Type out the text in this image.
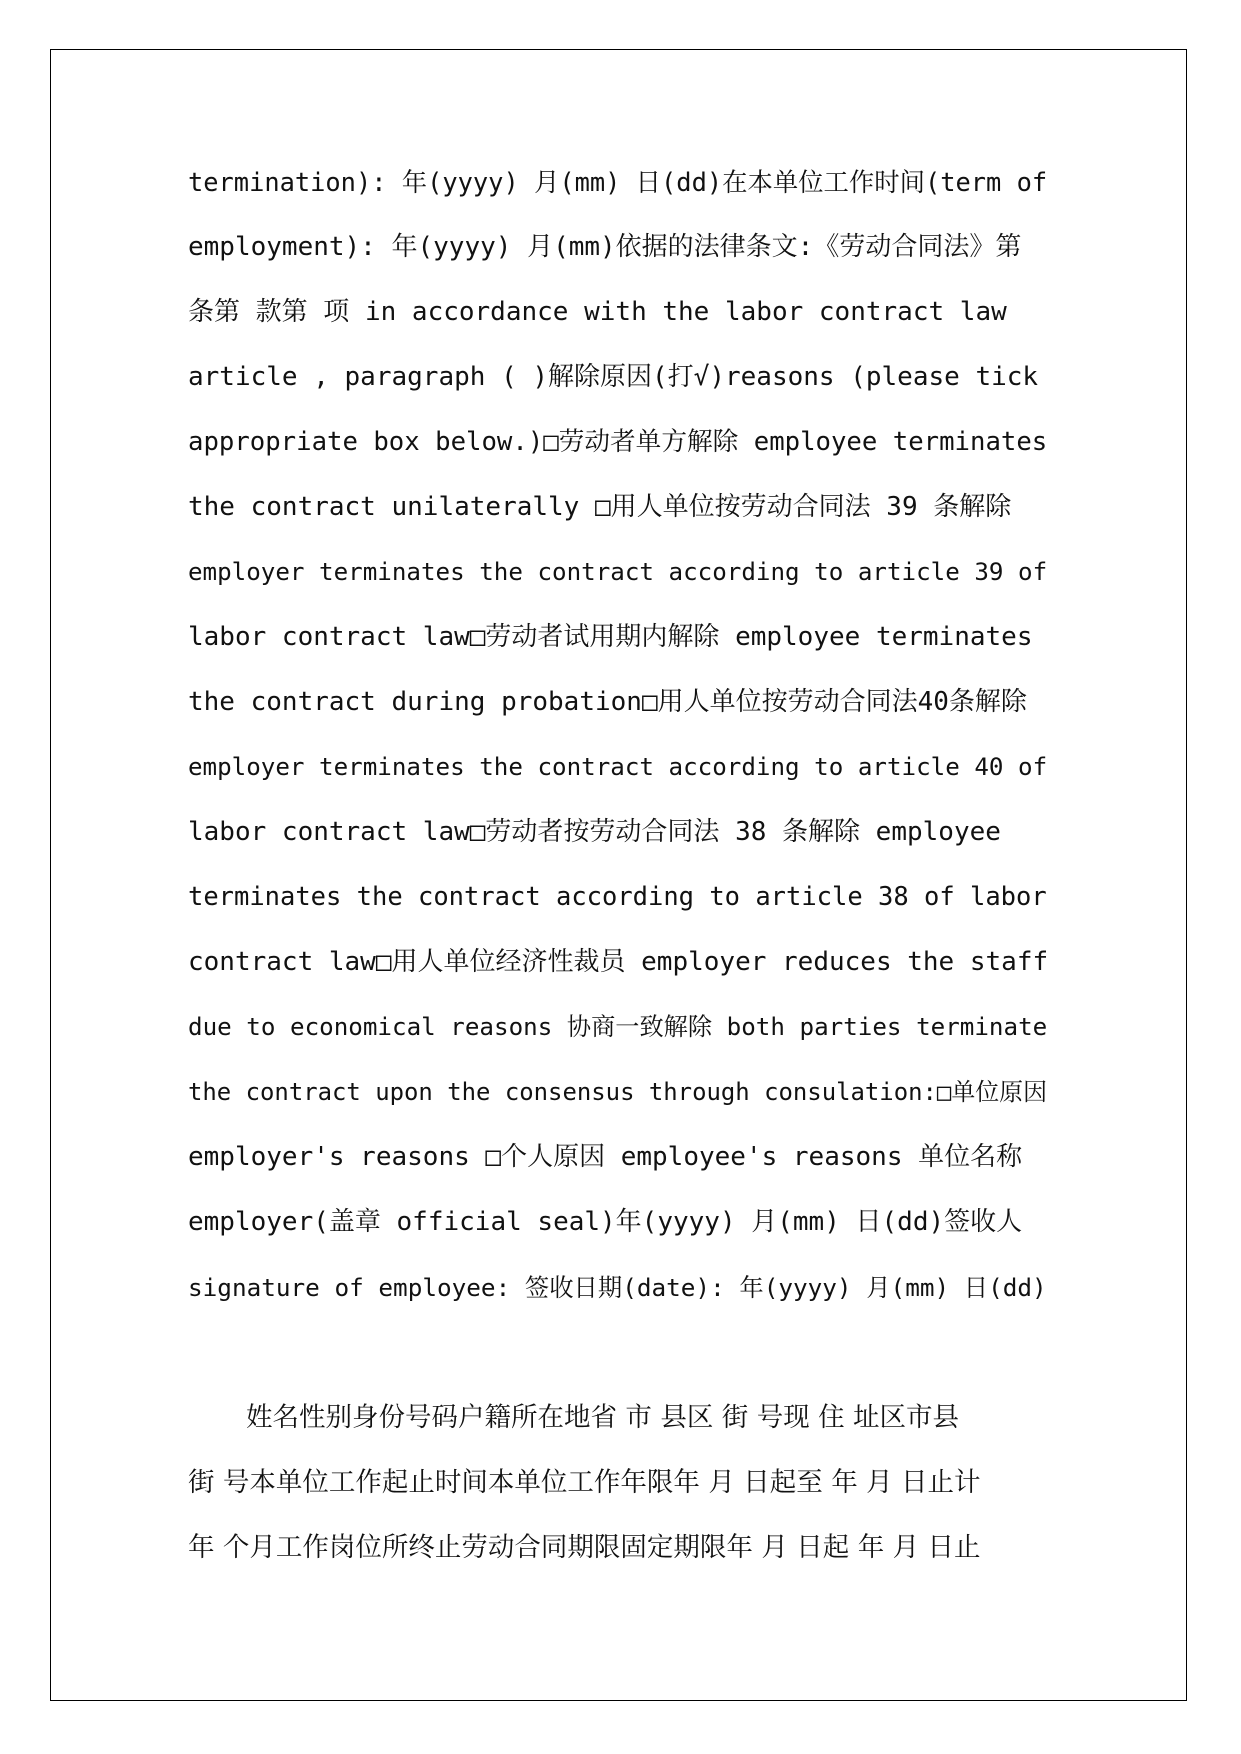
termination): 年(yyyy) 月(mm) 日(dd)在本单位工作时间(term of
employment): 年(yyyy) 月(mm)依据的法律条文:《劳动合同法》第
条第 款第 项 in accordance with the labor contract law
article , paragraph ( )解除原因(打√)reasons (please tick
appropriate box below.)□劳动者单方解除 employee terminates
the contract unilaterally □用人单位按劳动合同法 39 条解除
employer terminates the contract according to article 39 of
labor contract law□劳动者试用期内解除 employee terminates
the contract during probation□用人单位按劳动合同法40条解除
employer terminates the contract according to article 40 of
labor contract law□劳动者按劳动合同法 38 条解除 employee
terminates the contract according to article 38 of labor
contract law□用人单位经济性裁员 employer reduces the staff
due to economical reasons 协商一致解除 both parties terminate
the contract upon the consensus through consulation:□单位原因
employer's reasons □个人原因 employee's reasons 单位名称
employer(盖章 official seal)年(yyyy) 月(mm) 日(dd)签收人
signature of employee: 签收日期(date): 年(yyyy) 月(mm) 日(dd)
姓名性别身份号码户籍所在地省 市 县区 街 号现 住 址区市县
街 号本单位工作起止时间本单位工作年限年 月 日起至 年 月 日止计
年 个月工作岗位所终止劳动合同期限固定期限年 月 日起 年 月 日止
